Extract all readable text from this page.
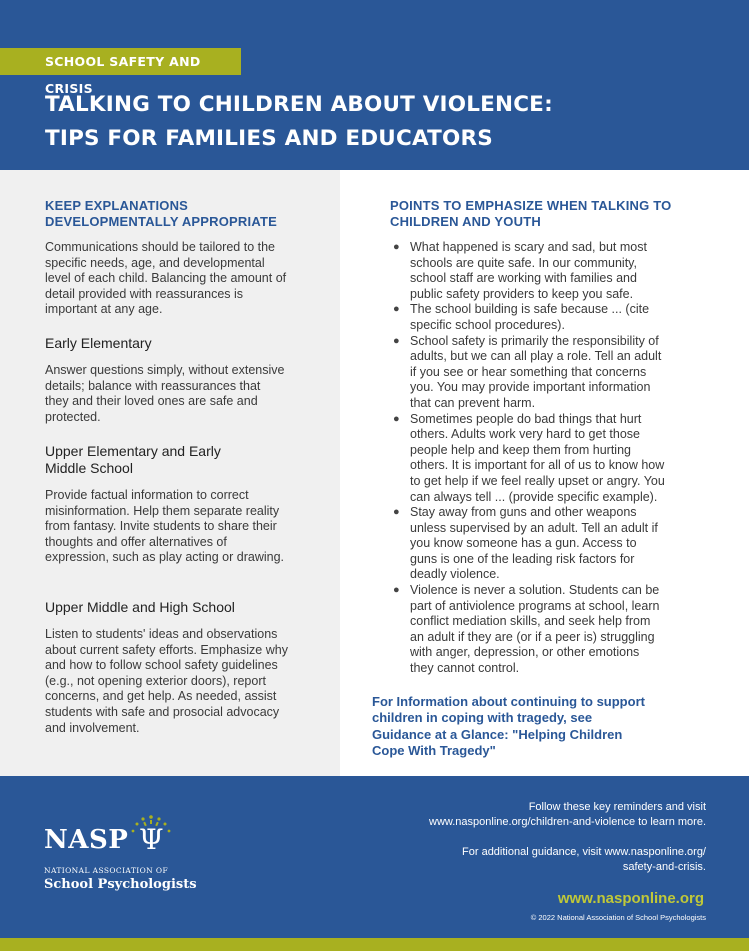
SCHOOL SAFETY AND CRISIS
TALKING TO CHILDREN ABOUT VIOLENCE:
TIPS FOR FAMILIES AND EDUCATORS
KEEP EXPLANATIONS
DEVELOPMENTALLY APPROPRIATE
Communications should be tailored to the
specific needs, age, and developmental
level of each child. Balancing the amount of
detail provided with reassurances is
important at any age.
Early Elementary
Answer questions simply, without extensive
details; balance with reassurances that
they and their loved ones are safe and
protected.
Upper Elementary and Early
Middle School
Provide factual information to correct
misinformation. Help them separate reality
from fantasy. Invite students to share their
thoughts and offer alternatives of
expression, such as play acting or drawing.
Upper Middle and High School
Listen to students' ideas and observations
about current safety efforts. Emphasize why
and how to follow school safety guidelines
(e.g., not opening exterior doors), report
concerns, and get help. As needed, assist
students with safe and prosocial advocacy
and involvement.
POINTS TO EMPHASIZE WHEN TALKING TO
CHILDREN AND YOUTH
● What happened is scary and sad, but most
schools are quite safe. In our community,
school staff are working with families and
public safety providers to keep you safe.
● The school building is safe because ... (cite
specific school procedures).
● School safety is primarily the responsibility of
adults, but we can all play a role. Tell an adult
if you see or hear something that concerns
you. You may provide important information
that can prevent harm.
● Sometimes people do bad things that hurt
others. Adults work very hard to get those
people help and keep them from hurting
others. It is important for all of us to know how
to get help if we feel really upset or angry. You
can always tell ... (provide specific example).
● Stay away from guns and other weapons
unless supervised by an adult. Tell an adult if
you know someone has a gun. Access to
guns is one of the leading risk factors for
deadly violence.
● Violence is never a solution. Students can be
part of antiviolence programs at school, learn
conflict mediation skills, and seek help from
an adult if they are (or if a peer is) struggling
with anger, depression, or other emotions
they cannot control.
For Information about continuing to support
children in coping with tragedy, see
Guidance at a Glance: "Helping Children
Cope With Tragedy"
NASP Ψ
NATIONAL ASSOCIATION OF
School Psychologists
Follow these key reminders and visit
www.nasponline.org/children-and-violence to learn more.
For additional guidance, visit www.nasponline.org/
safety-and-crisis.
www.nasponline.org
© 2022 National Association of School Psychologists
